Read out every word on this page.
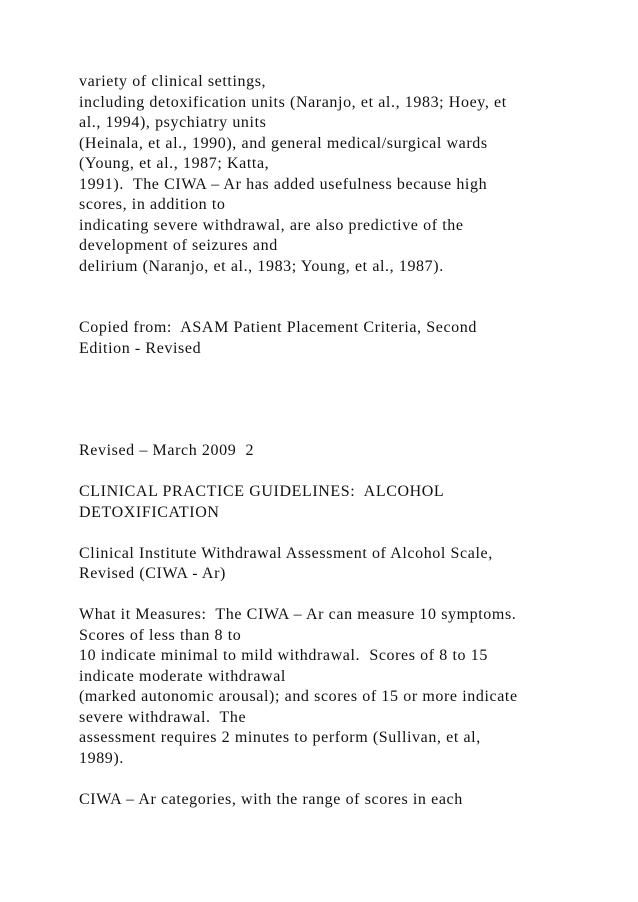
variety of clinical settings,
including detoxification units (Naranjo, et al., 1983; Hoey, et
al., 1994), psychiatry units
(Heinala, et al., 1990), and general medical/surgical wards
(Young, et al., 1987; Katta,
1991).  The CIWA – Ar has added usefulness because high
scores, in addition to
indicating severe withdrawal, are also predictive of the
development of seizures and
delirium (Naranjo, et al., 1983; Young, et al., 1987).
Copied from:  ASAM Patient Placement Criteria, Second
Edition - Revised
Revised – March 2009  2
CLINICAL PRACTICE GUIDELINES:  ALCOHOL
DETOXIFICATION
Clinical Institute Withdrawal Assessment of Alcohol Scale,
Revised (CIWA - Ar)
What it Measures:  The CIWA – Ar can measure 10 symptoms.
Scores of less than 8 to
10 indicate minimal to mild withdrawal.  Scores of 8 to 15
indicate moderate withdrawal
(marked autonomic arousal); and scores of 15 or more indicate
severe withdrawal.  The
assessment requires 2 minutes to perform (Sullivan, et al,
1989).
CIWA – Ar categories, with the range of scores in each
